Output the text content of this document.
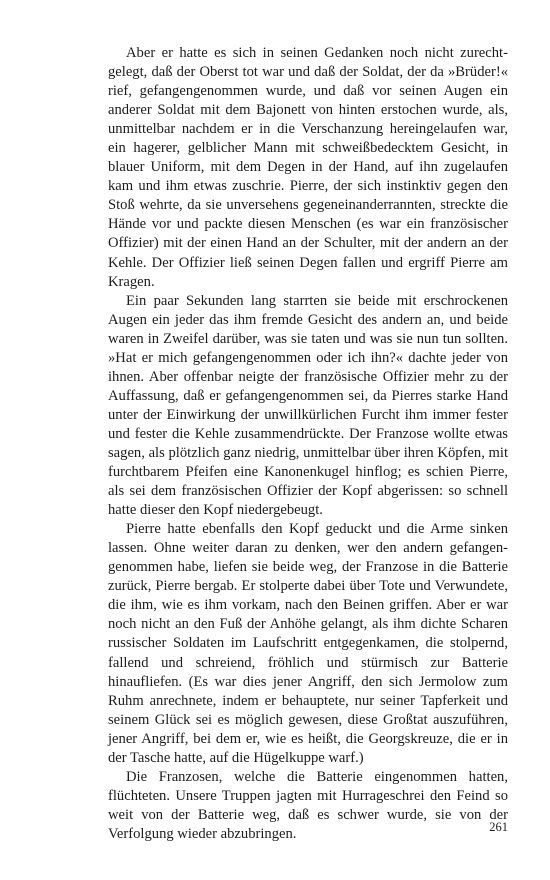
Aber er hatte es sich in seinen Gedanken noch nicht zurechtgelegt, daß der Oberst tot war und daß der Soldat, der da »Brüder!« rief, gefangengenommen wurde, und daß vor seinen Augen ein anderer Soldat mit dem Bajonett von hinten erstochen wurde, als, unmittelbar nachdem er in die Verschanzung hereingelaufen war, ein hagerer, gelblicher Mann mit schweißbedecktem Gesicht, in blauer Uniform, mit dem Degen in der Hand, auf ihn zugelaufen kam und ihm etwas zuschrie. Pierre, der sich instinktiv gegen den Stoß wehrte, da sie unversehens gegeneinanderrannten, streckte die Hände vor und packte diesen Menschen (es war ein französischer Offizier) mit der einen Hand an der Schulter, mit der andern an der Kehle. Der Offizier ließ seinen Degen fallen und ergriff Pierre am Kragen.

Ein paar Sekunden lang starrten sie beide mit erschrockenen Augen ein jeder das ihm fremde Gesicht des andern an, und beide waren in Zweifel darüber, was sie taten und was sie nun tun sollten. »Hat er mich gefangengenommen oder ich ihn?« dachte jeder von ihnen. Aber offenbar neigte der französische Offizier mehr zu der Auffassung, daß er gefangengenommen sei, da Pierres starke Hand unter der Einwirkung der unwillkürlichen Furcht ihm immer fester und fester die Kehle zusammendrückte. Der Franzose wollte etwas sagen, als plötzlich ganz niedrig, unmittelbar über ihren Köpfen, mit furchtbarem Pfeifen eine Kanonenkugel hinflog; es schien Pierre, als sei dem französischen Offizier der Kopf abgerissen: so schnell hatte dieser den Kopf niedergebeugt.

Pierre hatte ebenfalls den Kopf geduckt und die Arme sinken lassen. Ohne weiter daran zu denken, wer den andern gefangengenommen habe, liefen sie beide weg, der Franzose in die Batterie zurück, Pierre bergab. Er stolperte dabei über Tote und Verwundete, die ihm, wie es ihm vorkam, nach den Beinen griffen. Aber er war noch nicht an den Fuß der Anhöhe gelangt, als ihm dichte Scharen russischer Soldaten im Laufschritt entgegenkamen, die stolpernd, fallend und schreiend, fröhlich und stürmisch zur Batterie hinaufliefen. (Es war dies jener Angriff, den sich Jermolow zum Ruhm anrechnete, indem er behauptete, nur seiner Tapferkeit und seinem Glück sei es möglich gewesen, diese Großtat auszuführen, jener Angriff, bei dem er, wie es heißt, die Georgskreuze, die er in der Tasche hatte, auf die Hügelkuppe warf.)

Die Franzosen, welche die Batterie eingenommen hatten, flüchteten. Unsere Truppen jagten mit Hurrageschrei den Feind so weit von der Batterie weg, daß es schwer wurde, sie von der Verfolgung wieder abzubringen.	261
